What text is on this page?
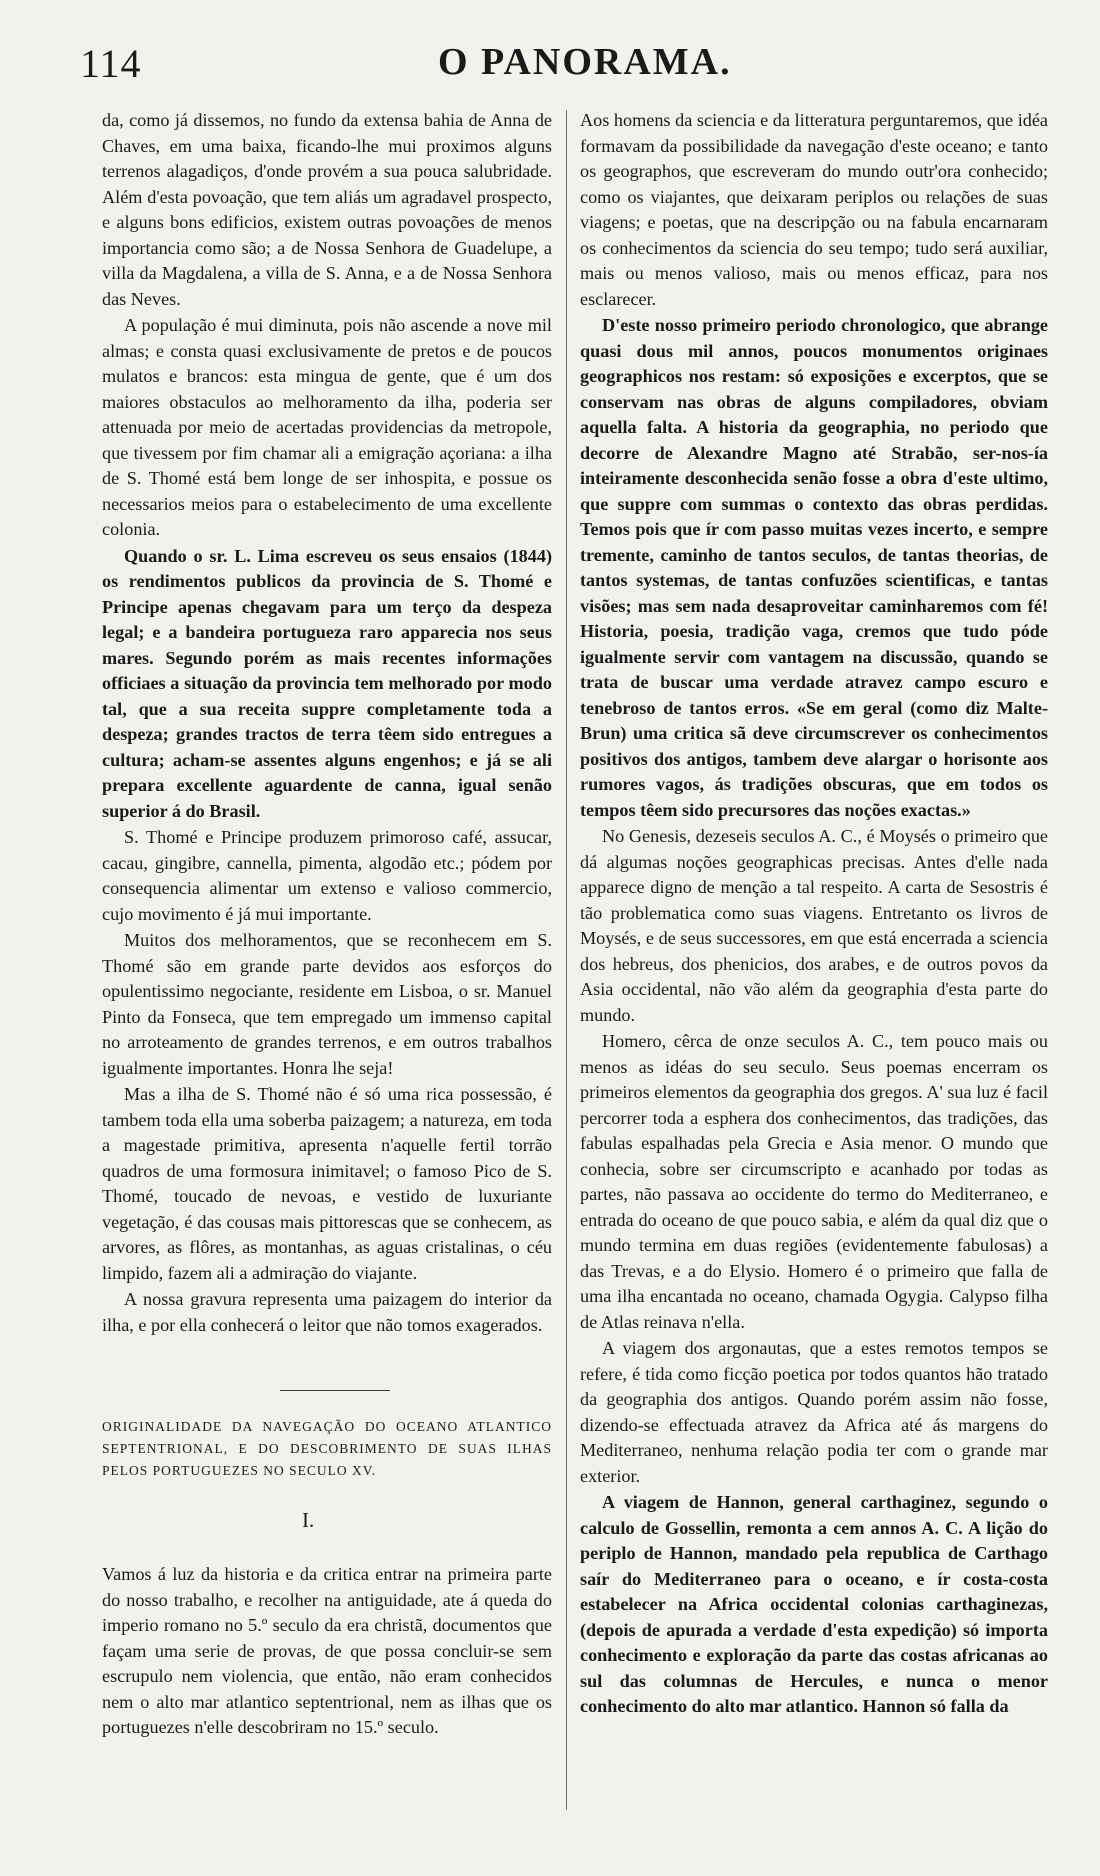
114	O PANORAMA.

da, como já dissemos, no fundo da extensa bahia de Anna de Chaves, em uma baixa, ficando-lhe mui proximos alguns terrenos alagadiços, d'onde provém a sua pouca salubridade. Além d'esta povoação, que tem aliás um agradavel prospecto, e alguns bons edificios, existem outras povoações de menos importancia como são; a de Nossa Senhora de Guadelupe, a villa da Magdalena, a villa de S. Anna, e a de Nossa Senhora das Neves.

A população é mui diminuta, pois não ascende a nove mil almas; e consta quasi exclusivamente de pretos e de poucos mulatos e brancos: esta mingua de gente, que é um dos maiores obstaculos ao melhoramento da ilha, poderia ser attenuada por meio de acertadas providencias da metropole, que tivessem por fim chamar ali a emigração açoriana: a ilha de S. Thomé está bem longe de ser inhospita, e possue os necessarios meios para o estabelecimento de uma excellente colonia.

Quando o sr. L. Lima escreveu os seus ensaios (1844) os rendimentos publicos da provincia de S. Thomé e Principe apenas chegavam para um terço da despeza legal; e a bandeira portugueza raro apparecia nos seus mares. Segundo porém as mais recentes informações officiaes a situação da provincia tem melhorado por modo tal, que a sua receita suppre completamente toda a despeza; grandes tractos de terra têem sido entregues a cultura; acham-se assentes alguns engenhos; e já se ali prepara excellente aguardente de canna, igual senão superior á do Brasil.

S. Thomé e Principe produzem primoroso café, assucar, cacau, gingibre, cannella, pimenta, algodão etc.; pódem por consequencia alimentar um extenso e valioso commercio, cujo movimento é já mui importante.

Muitos dos melhoramentos, que se reconhecem em S. Thomé são em grande parte devidos aos esforços do opulentissimo negociante, residente em Lisboa, o sr. Manuel Pinto da Fonseca, que tem empregado um immenso capital no arroteamento de grandes terrenos, e em outros trabalhos igualmente importantes. Honra lhe seja!

Mas a ilha de S. Thomé não é só uma rica possessão, é tambem toda ella uma soberba paizagem; a natureza, em toda a magestade primitiva, apresenta n'aquelle fertil torrão quadros de uma formosura inimitavel; o famoso Pico de S. Thomé, toucado de nevoas, e vestido de luxuriante vegetação, é das cousas mais pittorescas que se conhecem, as arvores, as flôres, as montanhas, as aguas cristalinas, o céu limpido, fazem ali a admiração do viajante.

A nossa gravura representa uma paizagem do interior da ilha, e por ella conhecerá o leitor que não tomos exagerados.

ORIGINALIDADE DA NAVEGAÇÃO DO OCEANO ATLANTICO SEPTENTRIONAL, E DO DESCOBRIMENTO DE SUAS ILHAS PELOS PORTUGUEZES NO SECULO XV.
I.

Vamos á luz da historia e da critica entrar na primeira parte do nosso trabalho, e recolher na antiguidade, ate á queda do imperio romano no 5.º seculo da era christã, documentos que façam uma serie de provas, de que possa concluir-se sem escrupulo nem violencia, que então, não eram conhecidos nem o alto mar atlantico septentrional, nem as ilhas que os portuguezes n'elle descobriram no 15.º seculo.

Aos homens da sciencia e da litteratura perguntaremos, que idéa formavam da possibilidade da navegação d'este oceano; e tanto os geographos, que escreveram do mundo outr'ora conhecido; como os viajantes, que deixaram periplos ou relações de suas viagens; e poetas, que na descripção ou na fabula encarnaram os conhecimentos da sciencia do seu tempo; tudo será auxiliar, mais ou menos valioso, mais ou menos efficaz, para nos esclarecer.

D'este nosso primeiro periodo chronologico, que abrange quasi dous mil annos, poucos monumentos originaes geographicos nos restam: só exposições e excerptos, que se conservam nas obras de alguns compiladores, obviam aquella falta. A historia da geographia, no periodo que decorre de Alexandre Magno até Strabão, ser-nos-ía inteiramente desconhecida senão fosse a obra d'este ultimo, que suppre com summas o contexto das obras perdidas. Temos pois que ír com passo muitas vezes incerto, e sempre tremente, caminho de tantos seculos, de tantas theorias, de tantos systemas, de tantas confuzões scientificas, e tantas visões; mas sem nada desaproveitar caminharemos com fé! Historia, poesia, tradição vaga, cremos que tudo póde igualmente servir com vantagem na discussão, quando se trata de buscar uma verdade atravez campo escuro e tenebroso de tantos erros. «Se em geral (como diz Malte-Brun) uma critica sã deve circumscrever os conhecimentos positivos dos antigos, tambem deve alargar o horisonte aos rumores vagos, ás tradições obscuras, que em todos os tempos têem sido precursores das noções exactas.»

No Genesis, dezeseis seculos A. C., é Moysés o primeiro que dá algumas noções geographicas precisas. Antes d'elle nada apparece digno de menção a tal respeito. A carta de Sesostris é tão problematica como suas viagens. Entretanto os livros de Moysés, e de seus successores, em que está encerrada a sciencia dos hebreus, dos phenicios, dos arabes, e de outros povos da Asia occidental, não vão além da geographia d'esta parte do mundo.

Homero, cêrca de onze seculos A. C., tem pouco mais ou menos as idéas do seu seculo. Seus poemas encerram os primeiros elementos da geographia dos gregos. A' sua luz é facil percorrer toda a esphera dos conhecimentos, das tradições, das fabulas espalhadas pela Grecia e Asia menor. O mundo que conhecia, sobre ser circumscripto e acanhado por todas as partes, não passava ao occidente do termo do Mediterraneo, e entrada do oceano de que pouco sabia, e além da qual diz que o mundo termina em duas regiões (evidentemente fabulosas) a das Trevas, e a do Elysio. Homero é o primeiro que falla de uma ilha encantada no oceano, chamada Ogygia. Calypso filha de Atlas reinava n'ella.

A viagem dos argonautas, que a estes remotos tempos se refere, é tida como ficção poetica por todos quantos hão tratado da geographia dos antigos. Quando porém assim não fosse, dizendo-se effectuada atravez da Africa até ás margens do Mediterraneo, nenhuma relação podia ter com o grande mar exterior.

A viagem de Hannon, general carthaginez, segundo o calculo de Gossellin, remonta a cem annos A. C. A lição do periplo de Hannon, mandado pela republica de Carthago saír do Mediterraneo para o oceano, e ír costa-costa estabelecer na Africa occidental colonias carthaginezas, (depois de apurada a verdade d'esta expedição) só importa conhecimento e exploração da parte das costas africanas ao sul das columnas de Hercules, e nunca o menor conhecimento do alto mar atlantico. Hannon só falla da
